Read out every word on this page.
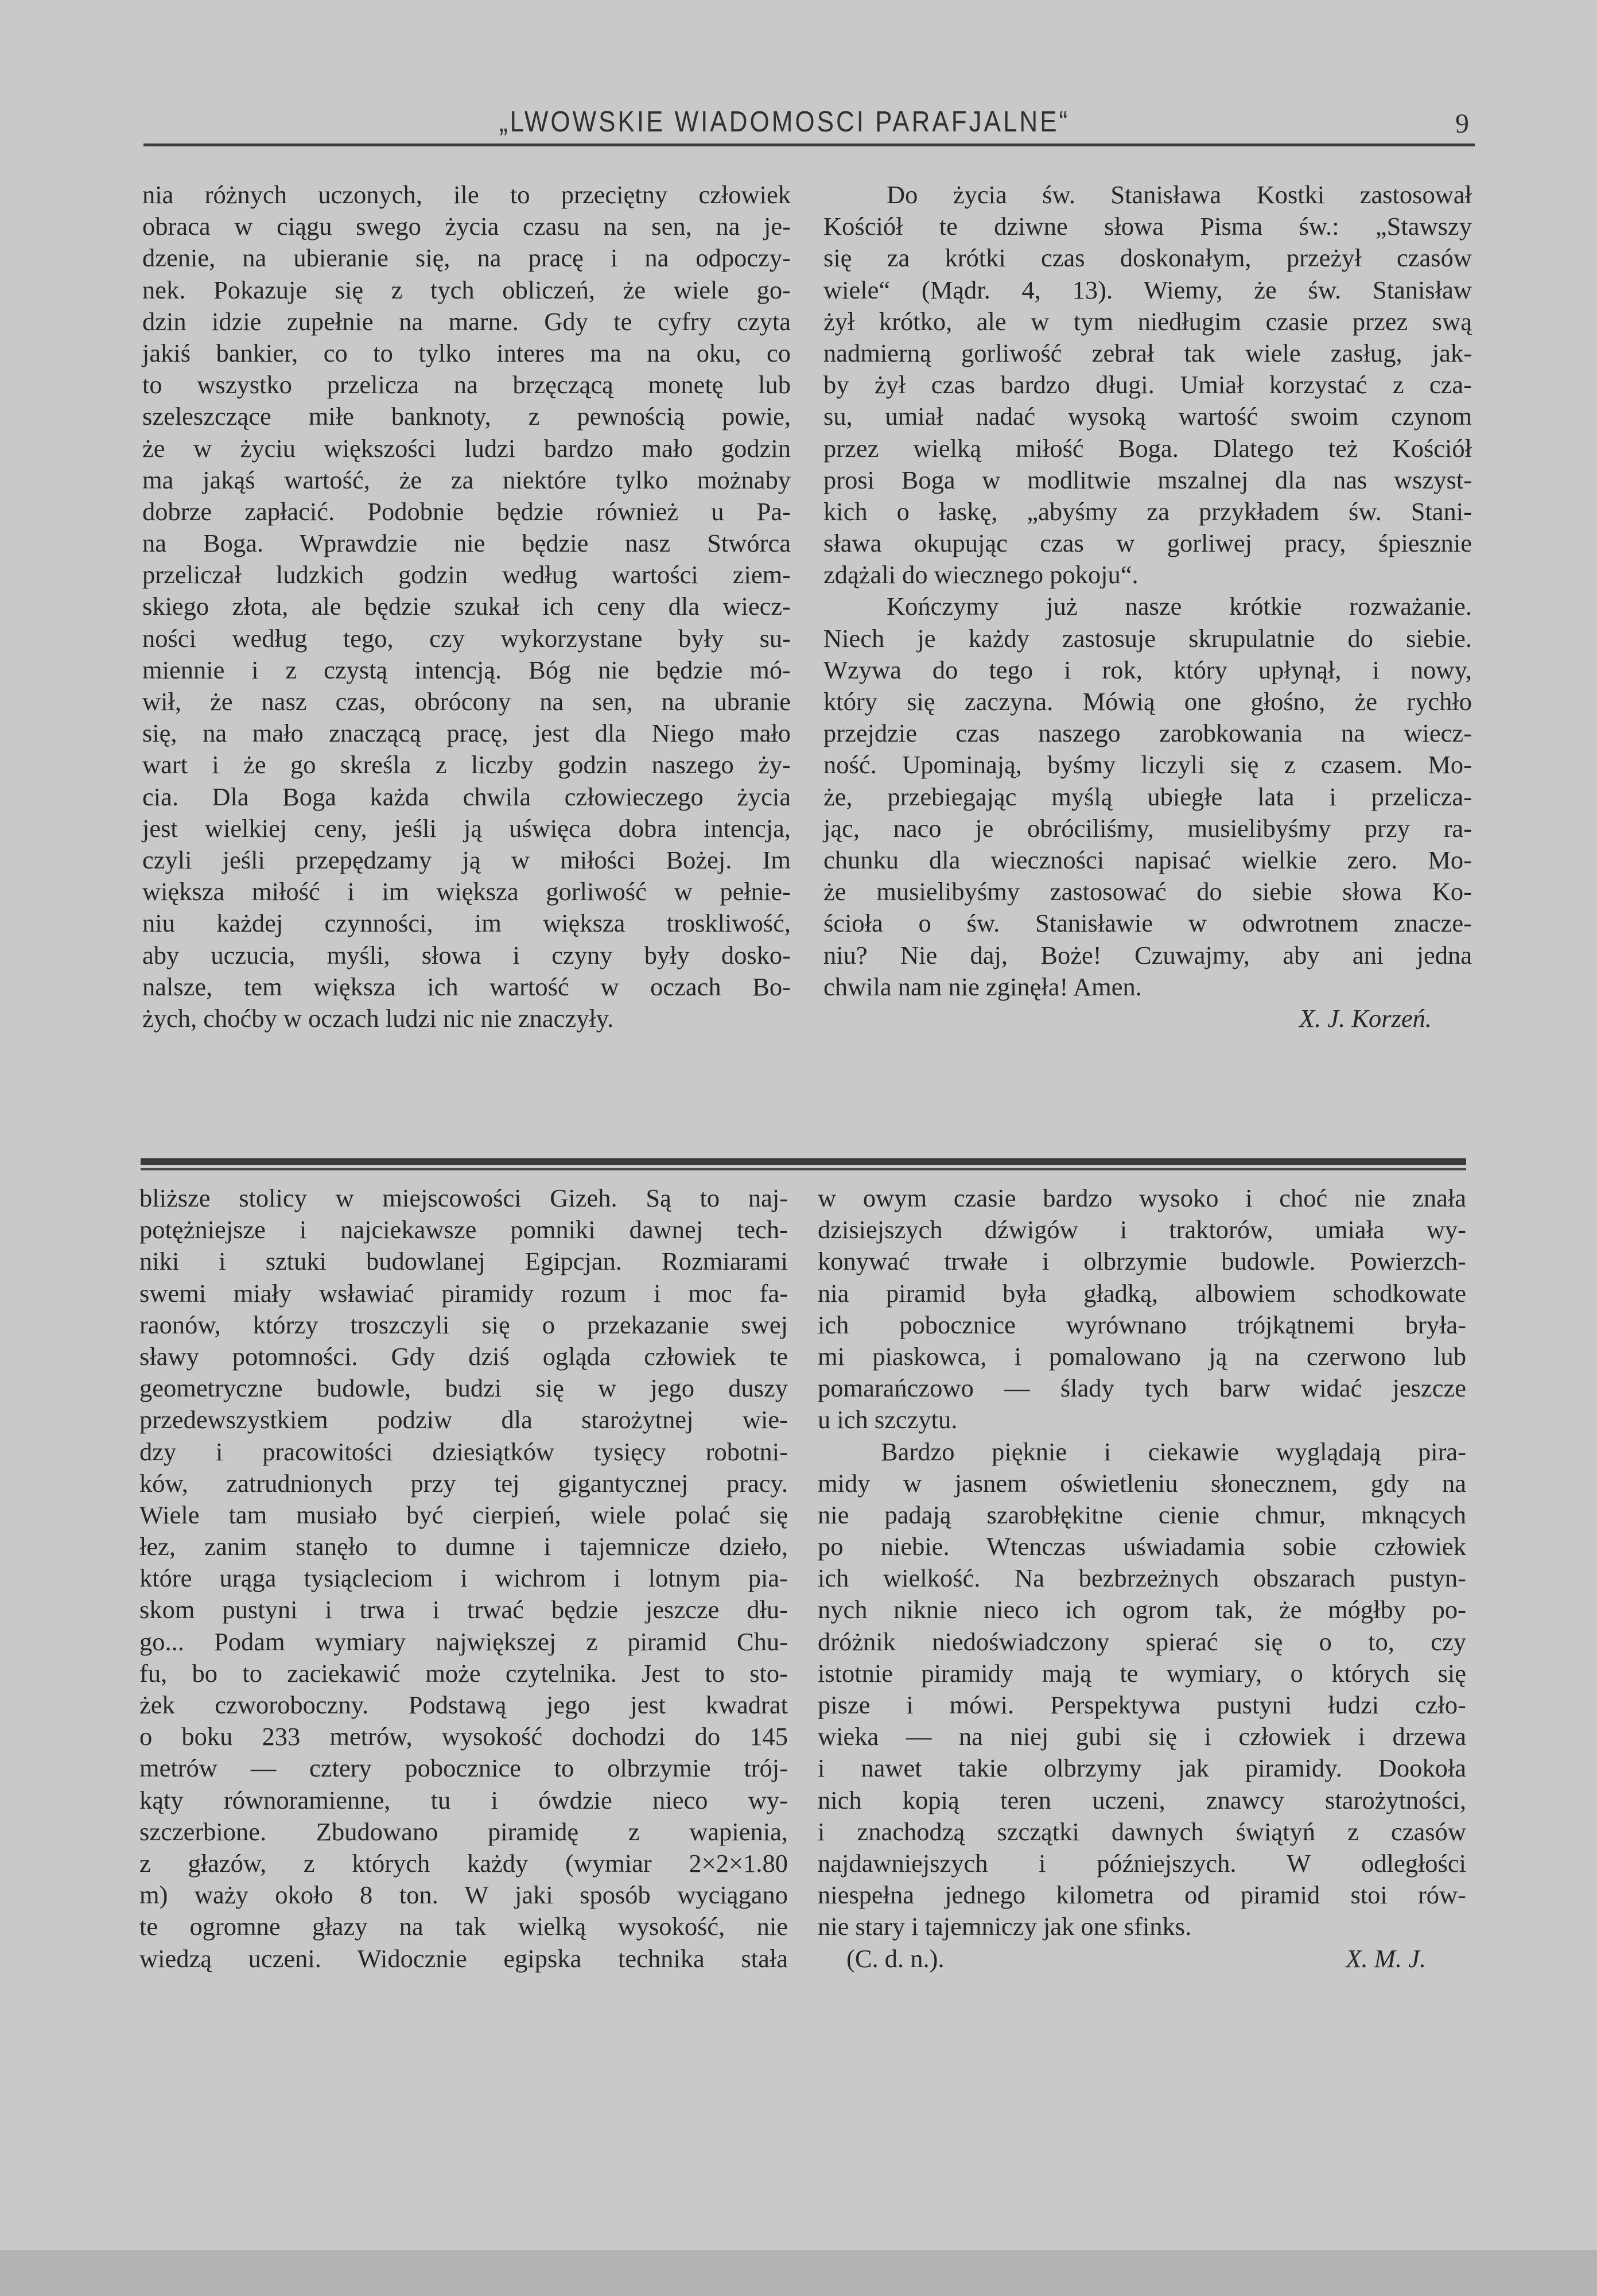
„LWOWSKIE WIADOMOSCI PARAFJALNE“	9
nia różnych uczonych, ile to przeciętny człowiek
obraca w ciągu swego życia czasu na sen, na je-
dzenie, na ubieranie się, na pracę i na odpoczy-
nek. Pokazuje się z tych obliczeń, że wiele go-
dzin idzie zupełnie na marne. Gdy te cyfry czyta
jakiś bankier, co to tylko interes ma na oku, co
to wszystko przelicza na brzęczącą monetę lub
szeleszczące miłe banknoty, z pewnością powie,
że w życiu większości ludzi bardzo mało godzin
ma jakąś wartość, że za niektóre tylko możnaby
dobrze zapłacić. Podobnie będzie również u Pa-
na Boga. Wprawdzie nie będzie nasz Stwórca
przeliczał ludzkich godzin według wartości ziem-
skiego złota, ale będzie szukał ich ceny dla wiecz-
ności według tego, czy wykorzystane były su-
miennie i z czystą intencją. Bóg nie będzie mó-
wił, że nasz czas, obrócony na sen, na ubranie
się, na mało znaczącą pracę, jest dla Niego mało
wart i że go skreśla z liczby godzin naszego ży-
cia. Dla Boga każda chwila człowieczego życia
jest wielkiej ceny, jeśli ją uświęca dobra intencja,
czyli jeśli przepędzamy ją w miłości Bożej. Im
większa miłość i im większa gorliwość w pełnie-
niu każdej czynności, im większa troskliwość,
aby uczucia, myśli, słowa i czyny były dosko-
nalsze, tem większa ich wartość w oczach Bo-
żych, choćby w oczach ludzi nic nie znaczyły.
Do życia św. Stanisława Kostki zastosował
Kościół te dziwne słowa Pisma św.: „Stawszy
się za krótki czas doskonałym, przeżył czasów
wiele“ (Mądr. 4, 13). Wiemy, że św. Stanisław
żył krótko, ale w tym niedługim czasie przez swą
nadmierną gorliwość zebrał tak wiele zasług, jak-
by żył czas bardzo długi. Umiał korzystać z cza-
su, umiał nadać wysoką wartość swoim czynom
przez wielką miłość Boga. Dlatego też Kościół
prosi Boga w modlitwie mszalnej dla nas wszyst-
kich o łaskę, „abyśmy za przykładem św. Stani-
sława okupując czas w gorliwej pracy, śpiesznie
zdążali do wiecznego pokoju“.
Kończymy już nasze krótkie rozważanie.
Niech je każdy zastosuje skrupulatnie do siebie.
Wzywa do tego i rok, który upłynął, i nowy,
który się zaczyna. Mówią one głośno, że rychło
przejdzie czas naszego zarobkowania na wiecz-
ność. Upominają, byśmy liczyli się z czasem. Mo-
że, przebiegając myślą ubiegłe lata i przelicza-
jąc, naco je obróciliśmy, musielibyśmy przy ra-
chunku dla wieczności napisać wielkie zero. Mo-
że musielibyśmy zastosować do siebie słowa Ko-
ścioła o św. Stanisławie w odwrotnem znacze-
niu? Nie daj, Boże! Czuwajmy, aby ani jedna
chwila nam nie zginęła! Amen.
X. J. Korzeń.
bliższe stolicy w miejscowości Gizeh. Są to naj-
potężniejsze i najciekawsze pomniki dawnej tech-
niki i sztuki budowlanej Egipcjan. Rozmiarami
swemi miały wsławiać piramidy rozum i moc fa-
raonów, którzy troszczyli się o przekazanie swej
sławy potomności. Gdy dziś ogląda człowiek te
geometryczne budowle, budzi się w jego duszy
przedewszystkiem podziw dla starożytnej wie-
dzy i pracowitości dziesiątków tysięcy robotni-
ków, zatrudnionych przy tej gigantycznej pracy.
Wiele tam musiało być cierpień, wiele polać się
łez, zanim stanęło to dumne i tajemnicze dzieło,
które urąga tysiącleciom i wichrom i lotnym pia-
skom pustyni i trwa i trwać będzie jeszcze dłu-
go... Podam wymiary największej z piramid Chu-
fu, bo to zaciekawić może czytelnika. Jest to sto-
żek czworoboczny. Podstawą jego jest kwadrat
o boku 233 metrów, wysokość dochodzi do 145
metrów — cztery pobocznice to olbrzymie trój-
kąty równoramienne, tu i ówdzie nieco wy-
szczerbione. Zbudowano piramidę z wapienia,
z głazów, z których każdy (wymiar 2×2×1.80
m) waży około 8 ton. W jaki sposób wyciągano
te ogromne głazy na tak wielką wysokość, nie
wiedzą uczeni. Widocznie egipska technika stała
w owym czasie bardzo wysoko i choć nie znała
dzisiejszych dźwigów i traktorów, umiała wy-
konywać trwałe i olbrzymie budowle. Powierzch-
nia piramid była gładką, albowiem schodkowate
ich pobocznice wyrównano trójkątnemi bryła-
mi piaskowca, i pomalowano ją na czerwono lub
pomarańczowo — ślady tych barw widać jeszcze
u ich szczytu.
Bardzo pięknie i ciekawie wyglądają pira-
midy w jasnem oświetleniu słonecznem, gdy na
nie padają szarobłękitne cienie chmur, mknących
po niebie. Wtenczas uświadamia sobie człowiek
ich wielkość. Na bezbrzeżnych obszarach pustyn-
nych niknie nieco ich ogrom tak, że mógłby po-
dróżnik niedoświadczony spierać się o to, czy
istotnie piramidy mają te wymiary, o których się
pisze i mówi. Perspektywa pustyni łudzi czło-
wieka — na niej gubi się i człowiek i drzewa
i nawet takie olbrzymy jak piramidy. Dookoła
nich kopią teren uczeni, znawcy starożytności,
i znachodzą szczątki dawnych świątyń z czasów
najdawniejszych i późniejszych. W odległości
niespełna jednego kilometra od piramid stoi rów-
nie stary i tajemniczy jak one sfinks.
(C. d. n.).	X. M. J.
